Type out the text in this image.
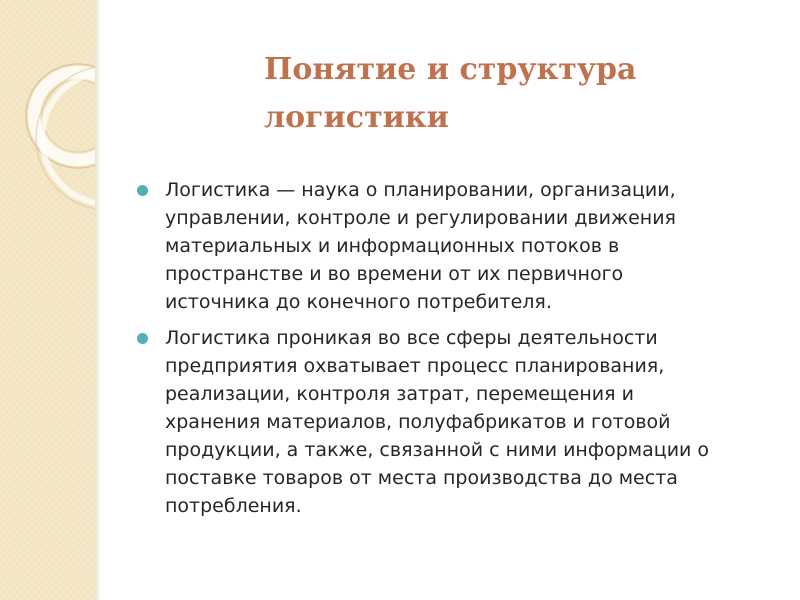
Понятие и структура
логистики
Логистика — наука о планировании, организации,
управлении, контроле и регулировании движения
материальных и информационных потоков в
пространстве и во времени от их первичного
источника до конечного потребителя.
Логистика проникая во все сферы деятельности
предприятия охватывает процесс планирования,
реализации, контроля затрат, перемещения и
хранения материалов, полуфабрикатов и готовой
продукции, а также, связанной с ними информации о
поставке товаров от места производства до места
потребления.
